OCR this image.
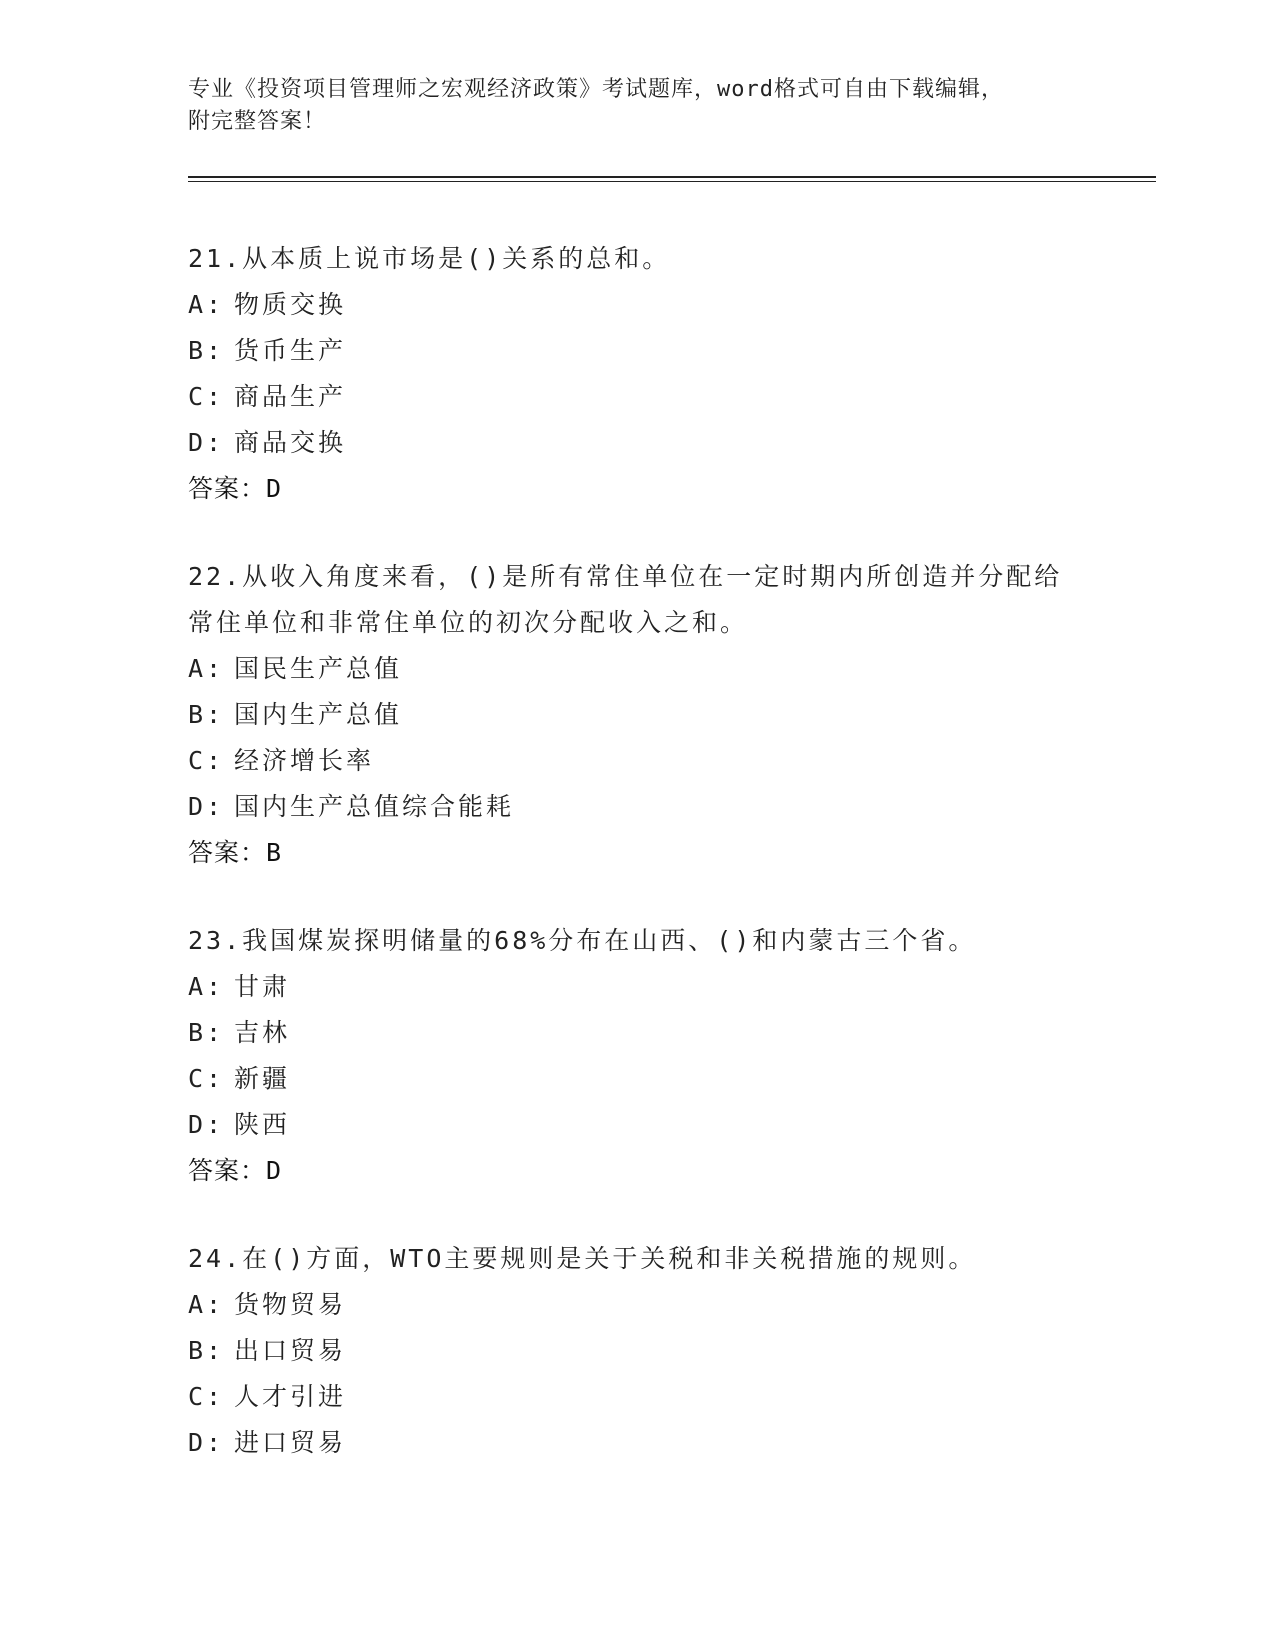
专业《投资项目管理师之宏观经济政策》考试题库，word格式可自由下载编辑，
附完整答案！

21.从本质上说市场是()关系的总和。

A: 物质交换

B: 货币生产

C: 商品生产

D: 商品交换

答案：D

22.从收入角度来看，()是所有常住单位在一定时期内所创造并分配给常住单位和非常住单位的初次分配收入之和。

A: 国民生产总值

B: 国内生产总值

C: 经济增长率

D: 国内生产总值综合能耗

答案：B

23.我国煤炭探明储量的68%分布在山西、()和内蒙古三个省。

A: 甘肃

B: 吉林

C: 新疆

D: 陕西

答案：D

24.在()方面，WTO主要规则是关于关税和非关税措施的规则。

A: 货物贸易

B: 出口贸易

C: 人才引进

D: 进口贸易
